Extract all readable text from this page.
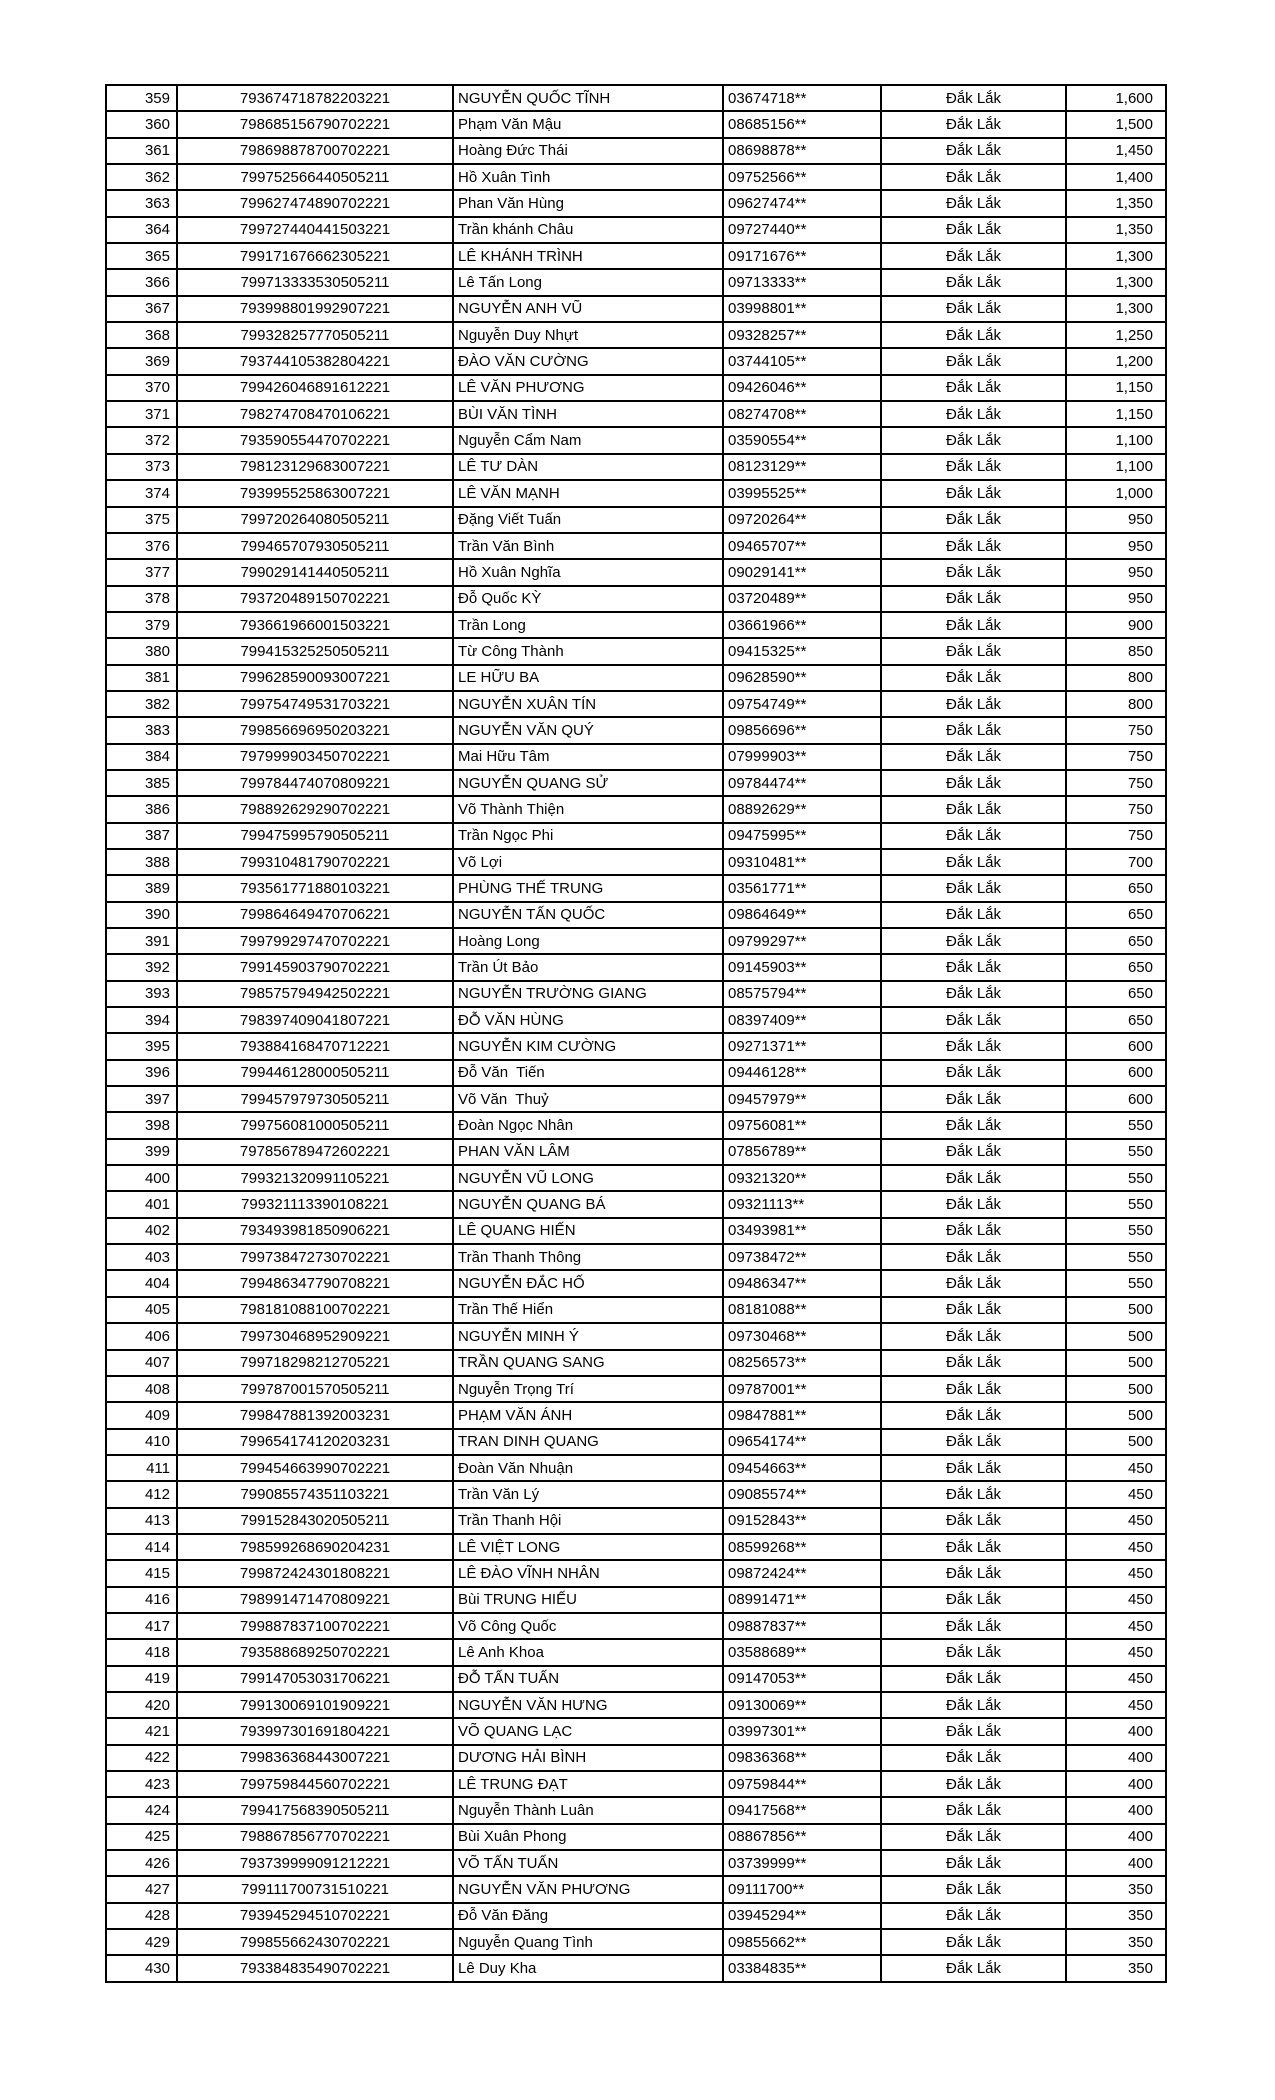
359	793674718782203221	NGUYỄN QUỐC TĨNH	03674718**	Đắk Lắk	1,600
360	798685156790702221	Phạm Văn Mậu	08685156**	Đắk Lắk	1,500
361	798698878700702221	Hoàng Đức Thái	08698878**	Đắk Lắk	1,450
362	799752566440505211	Hồ Xuân Tình	09752566**	Đắk Lắk	1,400
363	799627474890702221	Phan Văn Hùng	09627474**	Đắk Lắk	1,350
364	799727440441503221	Trần khánh Châu	09727440**	Đắk Lắk	1,350
365	799171676662305221	LÊ KHÁNH TRÌNH	09171676**	Đắk Lắk	1,300
366	799713333530505211	Lê Tấn Long	09713333**	Đắk Lắk	1,300
367	793998801992907221	NGUYỄN ANH VŨ	03998801**	Đắk Lắk	1,300
368	799328257770505211	Nguyễn Duy Nhựt	09328257**	Đắk Lắk	1,250
369	793744105382804221	ĐÀO VĂN CƯỜNG	03744105**	Đắk Lắk	1,200
370	799426046891612221	LÊ VĂN PHƯƠNG	09426046**	Đắk Lắk	1,150
371	798274708470106221	BÙI VĂN TÌNH	08274708**	Đắk Lắk	1,150
372	793590554470702221	Nguyễn Cẩm Nam	03590554**	Đắk Lắk	1,100
373	798123129683007221	LÊ TƯ DÀN	08123129**	Đắk Lắk	1,100
374	793995525863007221	LÊ VĂN MẠNH	03995525**	Đắk Lắk	1,000
375	799720264080505211	Đặng Viết Tuấn	09720264**	Đắk Lắk	950
376	799465707930505211	Trần Văn Bình	09465707**	Đắk Lắk	950
377	799029141440505211	Hồ Xuân Nghĩa	09029141**	Đắk Lắk	950
378	793720489150702221	Đỗ Quốc KỲ	03720489**	Đắk Lắk	950
379	793661966001503221	Trần Long	03661966**	Đắk Lắk	900
380	799415325250505211	Từ Công Thành	09415325**	Đắk Lắk	850
381	799628590093007221	LE HỮU BA	09628590**	Đắk Lắk	800
382	799754749531703221	NGUYỄN XUÂN TÍN	09754749**	Đắk Lắk	800
383	799856696950203221	NGUYỄN VĂN QUÝ	09856696**	Đắk Lắk	750
384	797999903450702221	Mai Hữu Tâm	07999903**	Đắk Lắk	750
385	799784474070809221	NGUYỄN QUANG SỬ	09784474**	Đắk Lắk	750
386	798892629290702221	Võ Thành Thiện	08892629**	Đắk Lắk	750
387	799475995790505211	Trần Ngọc Phi	09475995**	Đắk Lắk	750
388	799310481790702221	Võ Lợi	09310481**	Đắk Lắk	700
389	793561771880103221	PHÙNG THẾ TRUNG	03561771**	Đắk Lắk	650
390	799864649470706221	NGUYỄN TẤN QUỐC	09864649**	Đắk Lắk	650
391	799799297470702221	Hoàng Long	09799297**	Đắk Lắk	650
392	799145903790702221	Trần Út Bảo	09145903**	Đắk Lắk	650
393	798575794942502221	NGUYỄN TRƯỜNG GIANG	08575794**	Đắk Lắk	650
394	798397409041807221	ĐỖ VĂN HÙNG	08397409**	Đắk Lắk	650
395	793884168470712221	NGUYỄN KIM CƯỜNG	09271371**	Đắk Lắk	600
396	799446128000505211	Đỗ Văn  Tiến	09446128**	Đắk Lắk	600
397	799457979730505211	Võ Văn  Thuỷ	09457979**	Đắk Lắk	600
398	799756081000505211	Đoàn Ngọc Nhân	09756081**	Đắk Lắk	550
399	797856789472602221	PHAN VĂN LÂM	07856789**	Đắk Lắk	550
400	799321320991105221	NGUYỄN VŨ LONG	09321320**	Đắk Lắk	550
401	799321113390108221	NGUYỄN QUANG BÁ	09321113**	Đắk Lắk	550
402	793493981850906221	LÊ QUANG HIẾN	03493981**	Đắk Lắk	550
403	799738472730702221	Trần Thanh Thông	09738472**	Đắk Lắk	550
404	799486347790708221	NGUYỄN ĐẮC HỐ	09486347**	Đắk Lắk	550
405	798181088100702221	Trần Thế Hiển	08181088**	Đắk Lắk	500
406	799730468952909221	NGUYỄN MINH Ý	09730468**	Đắk Lắk	500
407	799718298212705221	TRẦN QUANG SANG	08256573**	Đắk Lắk	500
408	799787001570505211	Nguyễn Trọng Trí	09787001**	Đắk Lắk	500
409	799847881392003231	PHẠM VĂN ÁNH	09847881**	Đắk Lắk	500
410	799654174120203231	TRAN DINH QUANG	09654174**	Đắk Lắk	500
411	799454663990702221	Đoàn Văn Nhuận	09454663**	Đắk Lắk	450
412	799085574351103221	Trần Văn Lý	09085574**	Đắk Lắk	450
413	799152843020505211	Trần Thanh Hội	09152843**	Đắk Lắk	450
414	798599268690204231	LÊ VIỆT LONG	08599268**	Đắk Lắk	450
415	799872424301808221	LÊ ĐÀO VĨNH NHÂN	09872424**	Đắk Lắk	450
416	798991471470809221	Bùi TRUNG HIẾU	08991471**	Đắk Lắk	450
417	799887837100702221	Võ Công Quốc	09887837**	Đắk Lắk	450
418	793588689250702221	Lê Anh Khoa	03588689**	Đắk Lắk	450
419	799147053031706221	ĐỖ TẤN TUẤN	09147053**	Đắk Lắk	450
420	799130069101909221	NGUYỄN VĂN HƯNG	09130069**	Đắk Lắk	450
421	793997301691804221	VÕ QUANG LẠC	03997301**	Đắk Lắk	400
422	799836368443007221	DƯƠNG HẢI BÌNH	09836368**	Đắk Lắk	400
423	799759844560702221	LÊ TRUNG ĐẠT	09759844**	Đắk Lắk	400
424	799417568390505211	Nguyễn Thành Luân	09417568**	Đắk Lắk	400
425	798867856770702221	Bùi Xuân Phong	08867856**	Đắk Lắk	400
426	793739999091212221	VÕ TẤN TUẤN	03739999**	Đắk Lắk	400
427	799111700731510221	NGUYỄN VĂN PHƯƠNG	09111700**	Đắk Lắk	350
428	793945294510702221	Đỗ Văn Đăng	03945294**	Đắk Lắk	350
429	799855662430702221	Nguyễn Quang Tình	09855662**	Đắk Lắk	350
430	793384835490702221	Lê Duy Kha	03384835**	Đắk Lắk	350
